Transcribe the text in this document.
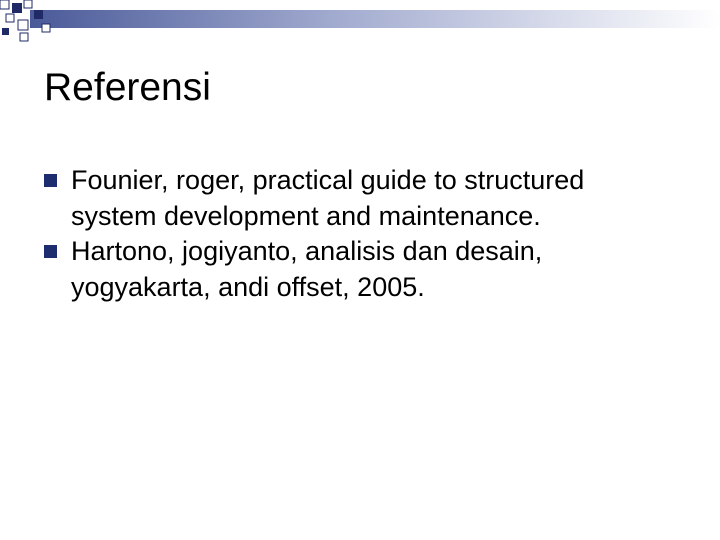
Referensi
Founier, roger, practical guide to structured system development and maintenance.
Hartono, jogiyanto, analisis dan desain, yogyakarta, andi offset, 2005.
